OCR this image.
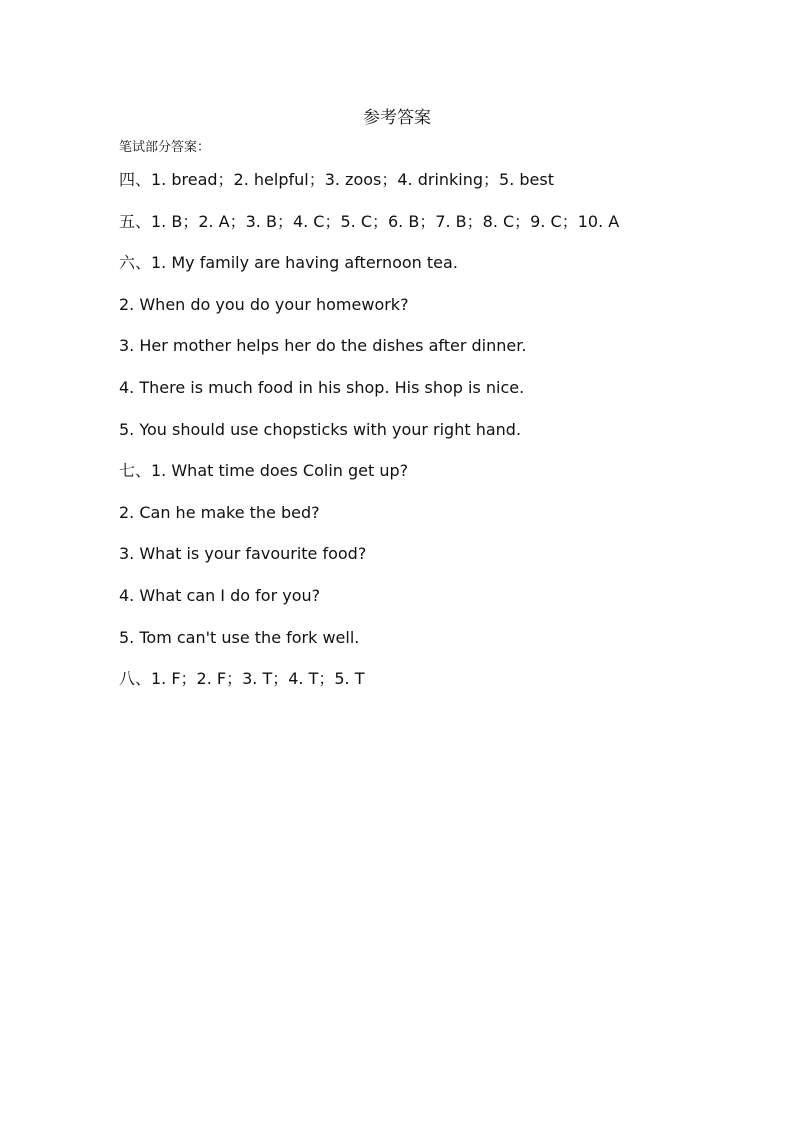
参考答案
笔试部分答案：
四、1. bread；2. helpful；3. zoos；4. drinking；5. best
五、1. B；2. A；3. B；4. C；5. C；6. B；7. B；8. C；9. C；10. A
六、1. My family are having afternoon tea.
2. When do you do your homework?
3. Her mother helps her do the dishes after dinner.
4. There is much food in his shop. His shop is nice.
5. You should use chopsticks with your right hand.
七、1. What time does Colin get up?
2. Can he make the bed?
3. What is your favourite food?
4. What can I do for you?
5. Tom can't use the fork well.
八、1. F；2. F；3. T；4. T；5. T
